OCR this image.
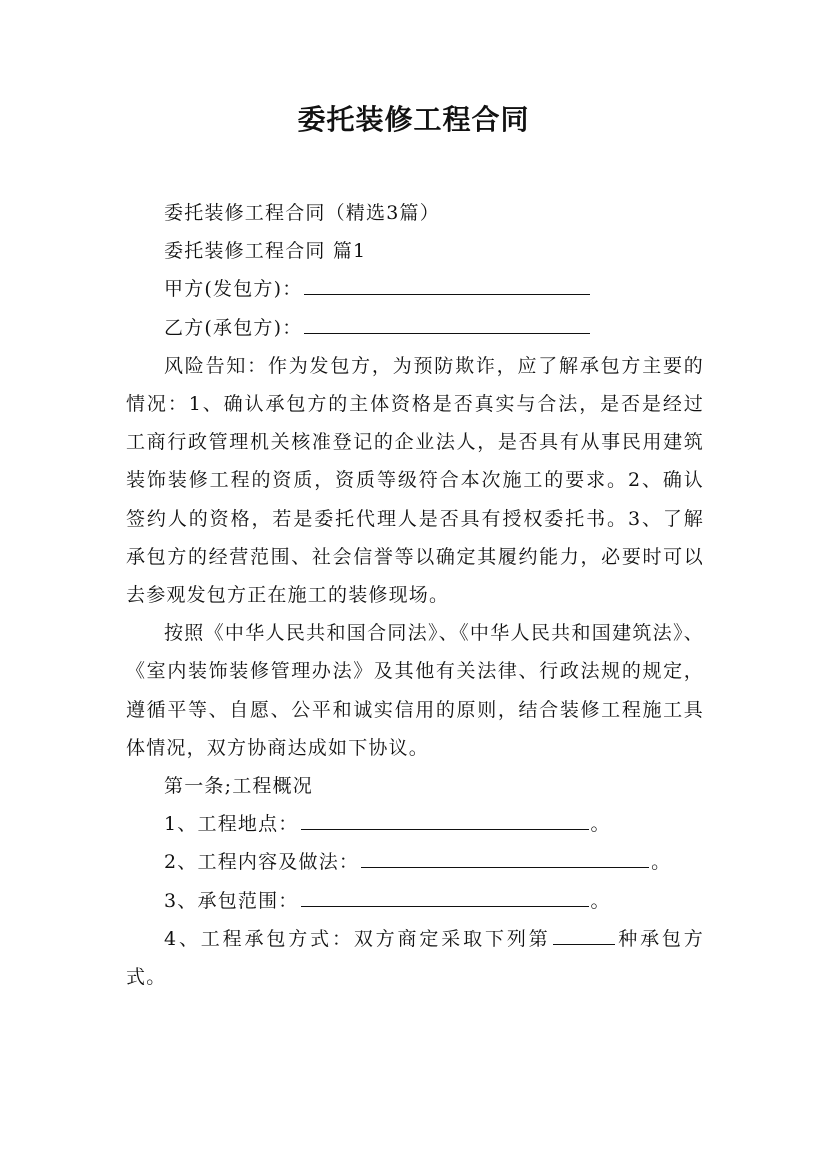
委托装修工程合同

委托装修工程合同（精选3篇）

委托装修工程合同 篇1

甲方(发包方)：

乙方(承包方)：

风险告知：作为发包方，为预防欺诈，应了解承包方主要的情况：1、确认承包方的主体资格是否真实与合法，是否是经过工商行政管理机关核准登记的企业法人，是否具有从事民用建筑装饰装修工程的资质，资质等级符合本次施工的要求。2、确认签约人的资格，若是委托代理人是否具有授权委托书。3、了解承包方的经营范围、社会信誉等以确定其履约能力，必要时可以去参观发包方正在施工的装修现场。

按照《中华人民共和国合同法》、《中华人民共和国建筑法》、《室内装饰装修管理办法》及其他有关法律、行政法规的规定，遵循平等、自愿、公平和诚实信用的原则，结合装修工程施工具体情况，双方协商达成如下协议。

第一条;工程概况

1、工程地点：	。

2、工程内容及做法：	。

3、承包范围：	。

4、工程承包方式：双方商定采取下列第	种承包方式。
